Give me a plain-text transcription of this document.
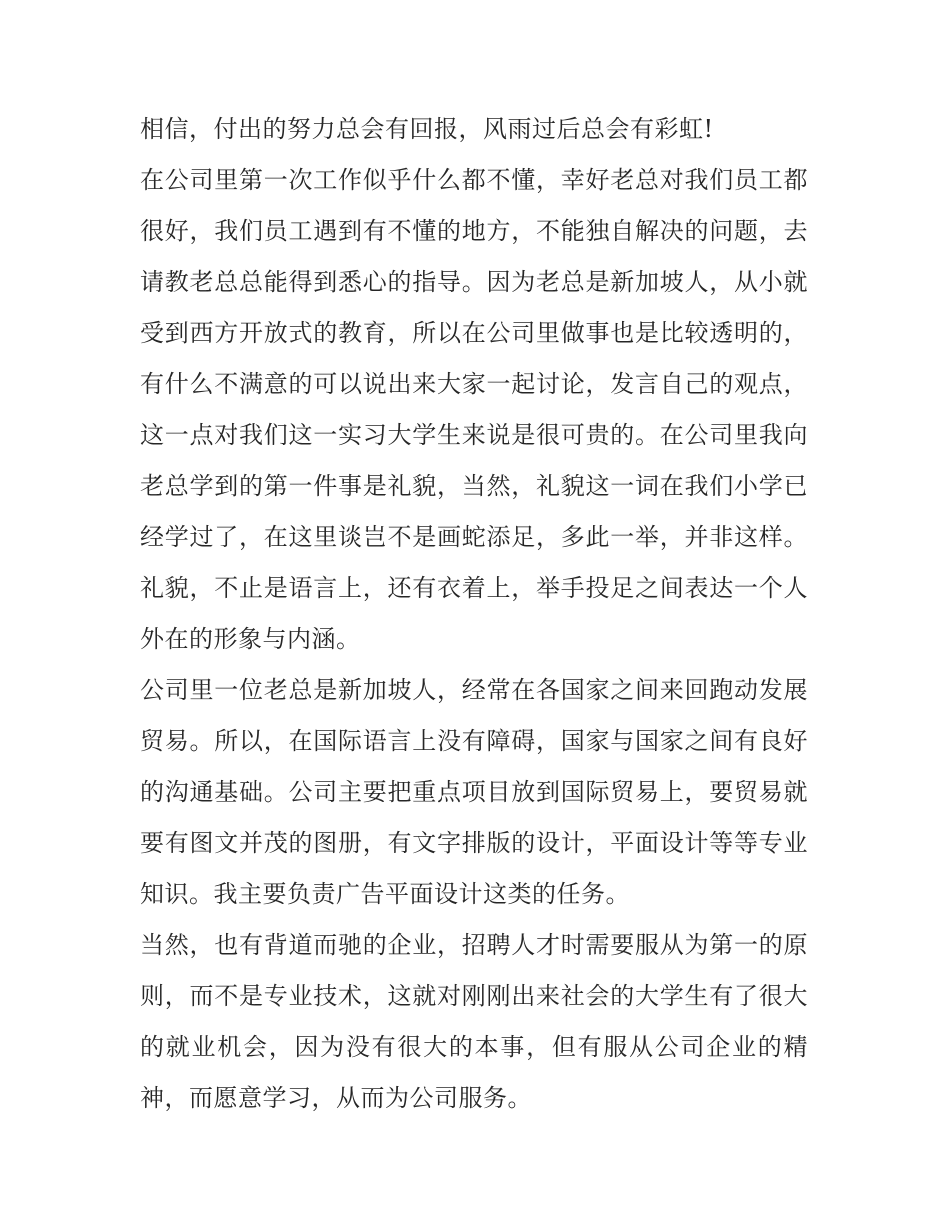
相信，付出的努力总会有回报，风雨过后总会有彩虹!
在公司里第一次工作似乎什么都不懂，幸好老总对我们员工都
很好，我们员工遇到有不懂的地方，不能独自解决的问题，去
请教老总总能得到悉心的指导。因为老总是新加坡人，从小就
受到西方开放式的教育，所以在公司里做事也是比较透明的，
有什么不满意的可以说出来大家一起讨论，发言自己的观点，
这一点对我们这一实习大学生来说是很可贵的。在公司里我向
老总学到的第一件事是礼貌，当然，礼貌这一词在我们小学已
经学过了，在这里谈岂不是画蛇添足，多此一举，并非这样。
礼貌，不止是语言上，还有衣着上，举手投足之间表达一个人
外在的形象与内涵。
公司里一位老总是新加坡人，经常在各国家之间来回跑动发展
贸易。所以，在国际语言上没有障碍，国家与国家之间有良好
的沟通基础。公司主要把重点项目放到国际贸易上，要贸易就
要有图文并茂的图册，有文字排版的设计，平面设计等等专业
知识。我主要负责广告平面设计这类的任务。
当然，也有背道而驰的企业，招聘人才时需要服从为第一的原
则，而不是专业技术，这就对刚刚出来社会的大学生有了很大
的就业机会，因为没有很大的本事，但有服从公司企业的精
神，而愿意学习，从而为公司服务。
